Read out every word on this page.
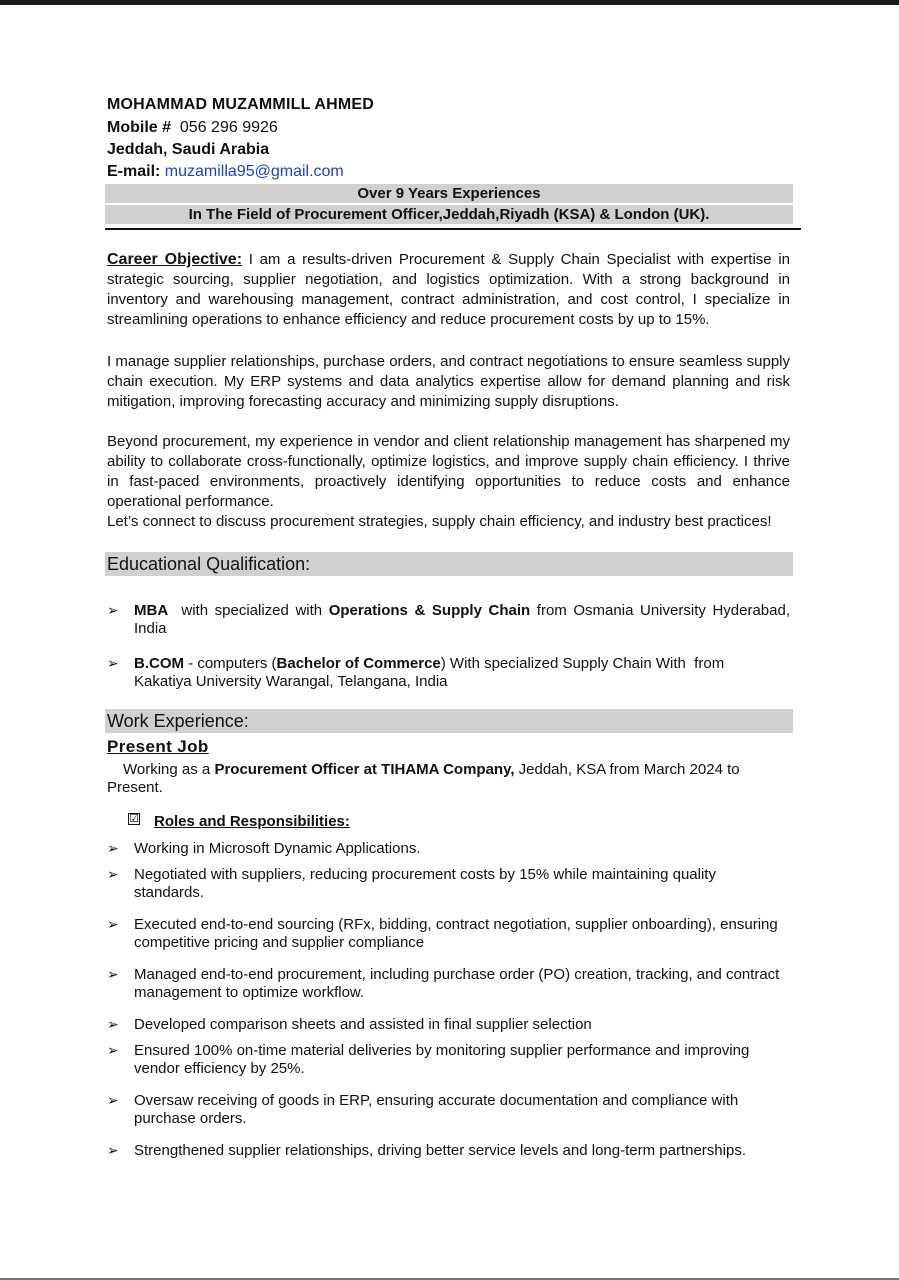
MOHAMMAD MUZAMMILL AHMED
Mobile # 056 296 9926
Jeddah, Saudi Arabia
E-mail: muzamilla95@gmail.com
Over 9 Years Experiences
In The Field of Procurement Officer,Jeddah,Riyadh (KSA) & London (UK).
Career Objective: I am a results-driven Procurement & Supply Chain Specialist with expertise in strategic sourcing, supplier negotiation, and logistics optimization. With a strong background in inventory and warehousing management, contract administration, and cost control, I specialize in streamlining operations to enhance efficiency and reduce procurement costs by up to 15%.
I manage supplier relationships, purchase orders, and contract negotiations to ensure seamless supply chain execution. My ERP systems and data analytics expertise allow for demand planning and risk mitigation, improving forecasting accuracy and minimizing supply disruptions.
Beyond procurement, my experience in vendor and client relationship management has sharpened my ability to collaborate cross-functionally, optimize logistics, and improve supply chain efficiency. I thrive in fast-paced environments, proactively identifying opportunities to reduce costs and enhance operational performance.
Let’s connect to discuss procurement strategies, supply chain efficiency, and industry best practices!
Educational Qualification:
➢ MBA  with specialized with Operations & Supply Chain from Osmania University Hyderabad,
India
➢ B.COM - computers (Bachelor of Commerce) With specialized Supply Chain With  from
Kakatiya University Warangal, Telangana, India
Work Experience:
Present Job
Working as a Procurement Officer at TIHAMA Company, Jeddah, KSA from March 2024 to
Present.
☑ Roles and Responsibilities:
➢ Working in Microsoft Dynamic Applications.
➢ Negotiated with suppliers, reducing procurement costs by 15% while maintaining quality standards.
➢ Executed end-to-end sourcing (RFx, bidding, contract negotiation, supplier onboarding), ensuring competitive pricing and supplier compliance
➢ Managed end-to-end procurement, including purchase order (PO) creation, tracking, and contract management to optimize workflow.
➢ Developed comparison sheets and assisted in final supplier selection
➢ Ensured 100% on-time material deliveries by monitoring supplier performance and improving vendor efficiency by 25%.
➢ Oversaw receiving of goods in ERP, ensuring accurate documentation and compliance with purchase orders.
➢ Strengthened supplier relationships, driving better service levels and long-term partnerships.
